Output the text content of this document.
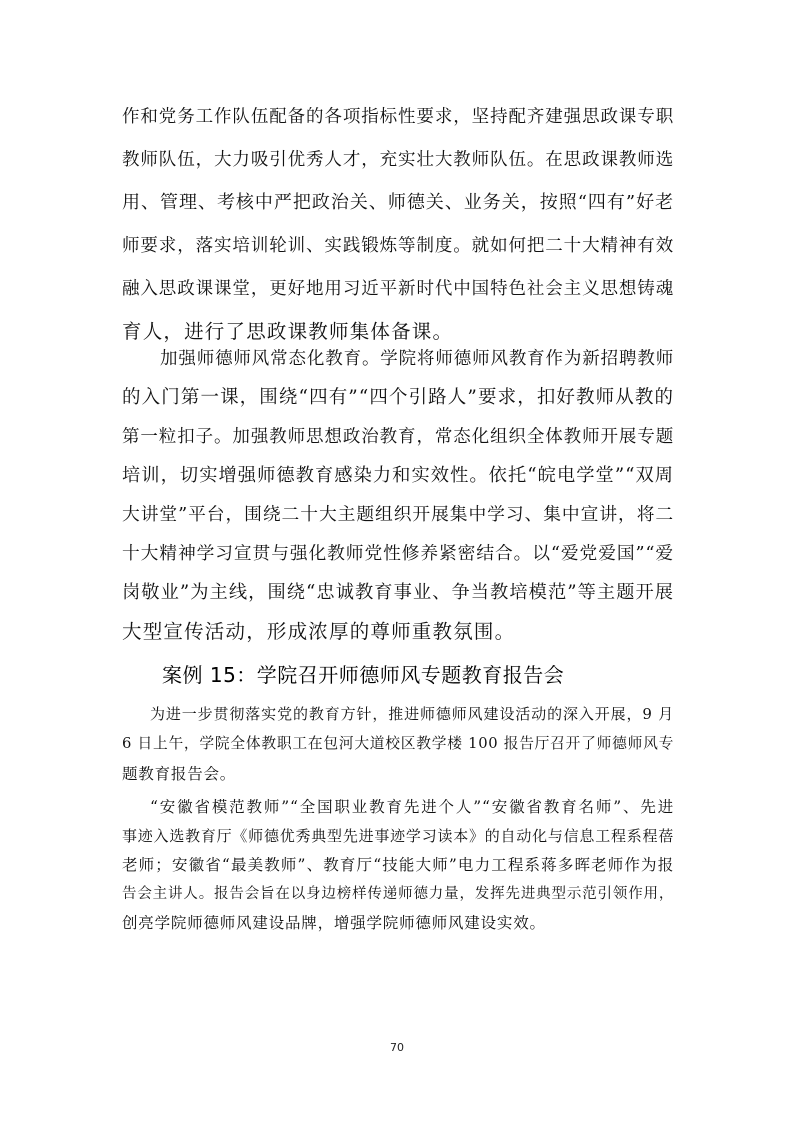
作和党务工作队伍配备的各项指标性要求，坚持配齐建强思政课专职

教师队伍，大力吸引优秀人才，充实壮大教师队伍。在思政课教师选

用、管理、考核中严把政治关、师德关、业务关，按照“四有”好老

师要求，落实培训轮训、实践锻炼等制度。就如何把二十大精神有效

融入思政课课堂，更好地用习近平新时代中国特色社会主义思想铸魂

育人，进行了思政课教师集体备课。

加强师德师风常态化教育。学院将师德师风教育作为新招聘教师

的入门第一课，围绕“四有”“四个引路人”要求，扣好教师从教的

第一粒扣子。加强教师思想政治教育，常态化组织全体教师开展专题

培训，切实增强师德教育感染力和实效性。依托“皖电学堂”“双周

大讲堂”平台，围绕二十大主题组织开展集中学习、集中宣讲，将二

十大精神学习宣贯与强化教师党性修养紧密结合。以“爱党爱国”“爱

岗敬业”为主线，围绕“忠诚教育事业、争当教培模范”等主题开展

大型宣传活动，形成浓厚的尊师重教氛围。

案例 15：学院召开师德师风专题教育报告会

为进一步贯彻落实党的教育方针，推进师德师风建设活动的深入开展，9 月

6 日上午，学院全体教职工在包河大道校区教学楼 100 报告厅召开了师德师风专

题教育报告会。

“安徽省模范教师”“全国职业教育先进个人”“安徽省教育名师”、先进

事迹入选教育厅《师德优秀典型先进事迹学习读本》的自动化与信息工程系程蓓

老师；安徽省“最美教师”、教育厅“技能大师”电力工程系蒋多晖老师作为报

告会主讲人。报告会旨在以身边榜样传递师德力量，发挥先进典型示范引领作用，

创亮学院师德师风建设品牌，增强学院师德师风建设实效。

70
